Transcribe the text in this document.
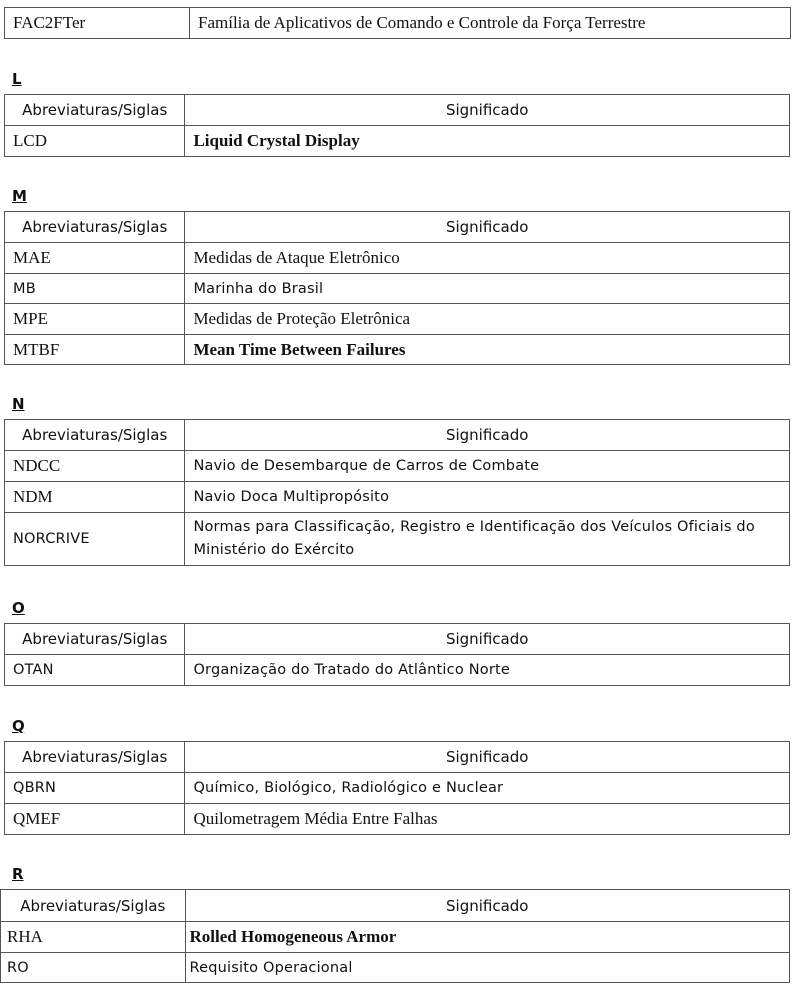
FAC2FTer	Família de Aplicativos de Comando e Controle da Força Terrestre
L
Abreviaturas/Siglas	Significado
LCD	Liquid Crystal Display
M
Abreviaturas/Siglas	Significado
MAE	Medidas de Ataque Eletrônico
MB	Marinha do Brasil
MPE	Medidas de Proteção Eletrônica
MTBF	Mean Time Between Failures
N
Abreviaturas/Siglas	Significado
NDCC	Navio de Desembarque de Carros de Combate
NDM	Navio Doca Multipropósito
NORCRIVE	Normas para Classificação, Registro e Identificação dos Veículos Oficiais do Ministério do Exército
O
Abreviaturas/Siglas	Significado
OTAN	Organização do Tratado do Atlântico Norte
Q
Abreviaturas/Siglas	Significado
QBRN	Químico, Biológico, Radiológico e Nuclear
QMEF	Quilometragem Média Entre Falhas
R
Abreviaturas/Siglas	Significado
RHA	Rolled Homogeneous Armor
RO	Requisito Operacional
